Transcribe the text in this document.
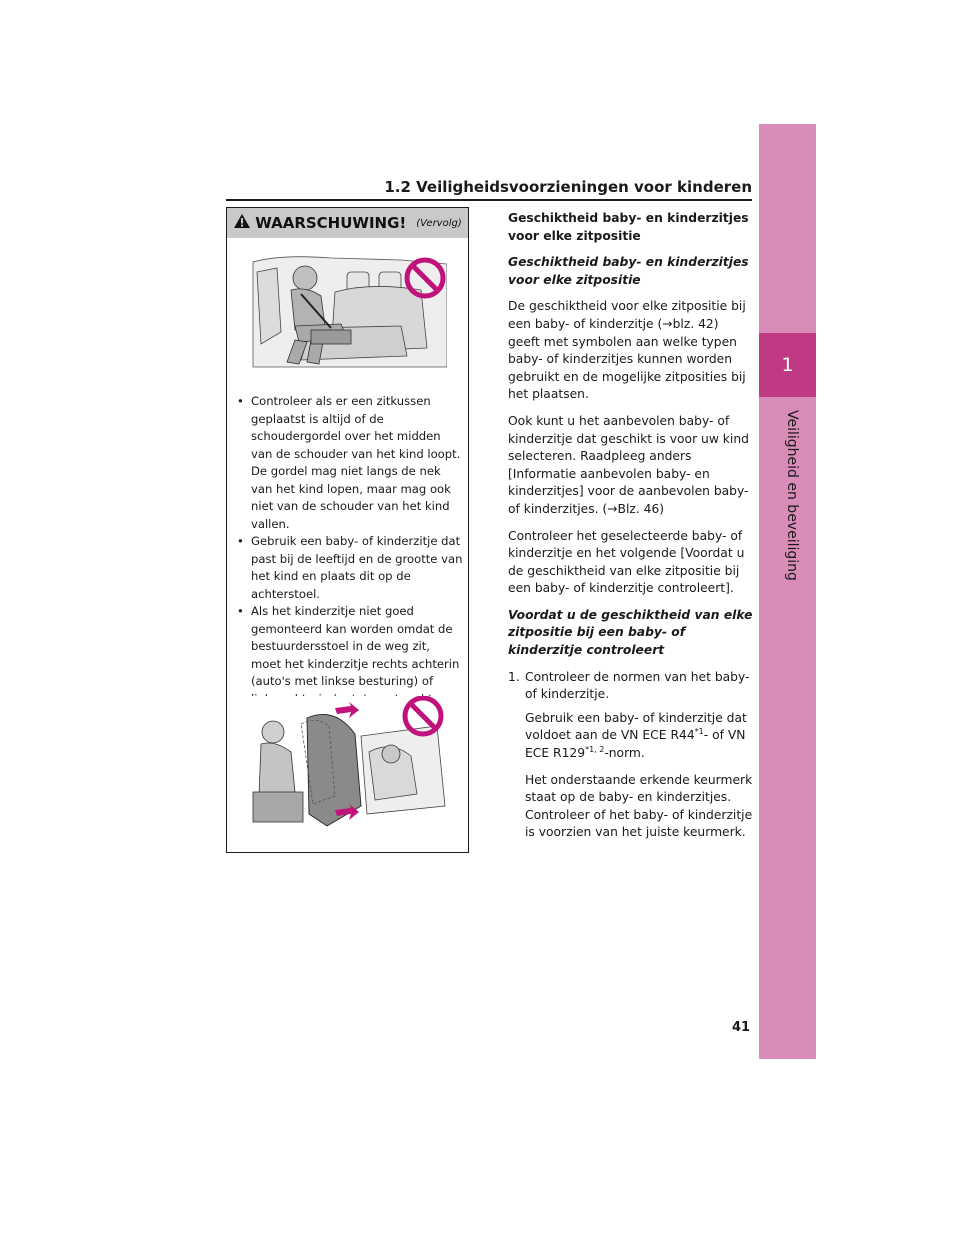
1
Veiligheid en beveiliging
1.2 Veiligheidsvoorzieningen voor kinderen
WAARSCHUWING! (Vervolg)
• Controleer als er een zitkussen geplaatst is altijd of de schoudergordel over het midden van de schouder van het kind loopt. De gordel mag niet langs de nek van het kind lopen, maar mag ook niet van de schouder van het kind vallen.
• Gebruik een baby- of kinderzitje dat past bij de leeftijd en de grootte van het kind en plaats dit op de achterstoel.
• Als het kinderzitje niet goed gemonteerd kan worden omdat de bestuurdersstoel in de weg zit, moet het kinderzitje rechts achterin (auto's met linkse besturing) of

Geschiktheid baby- en kinderzitjes voor elke zitpositie

Geschiktheid baby- en kinderzitjes voor elke zitpositie

De geschiktheid voor elke zitpositie bij een baby- of kinderzitje (→blz. 42) geeft met symbolen aan welke typen baby- of kinderzitjes kunnen worden gebruikt en de mogelijke zitposities bij het plaatsen.

Ook kunt u het aanbevolen baby- of kinderzitje dat geschikt is voor uw kind selecteren. Raadpleeg anders [Informatie aanbevolen baby- en kinderzitjes] voor de aanbevolen baby- of kinderzitjes. (→Blz. 46)

Controleer het geselecteerde baby- of kinderzitje en het volgende [Voordat u de geschiktheid van elke zitpositie bij een baby- of kinderzitje controleert].

Voordat u de geschiktheid van elke zitpositie bij een baby- of kinderzitje controleert

1. Controleer de normen van het baby- of kinderzitje.

Gebruik een baby- of kinderzitje dat voldoet aan de VN ECE R44$^{*1}$- of VN ECE R129$^{*1, 2}$-norm.

Het onderstaande erkende keurmerk staat op de baby- en kinderzitjes. Controleer of het baby- of kinderzitje is voorzien van het juiste keurmerk.

41
